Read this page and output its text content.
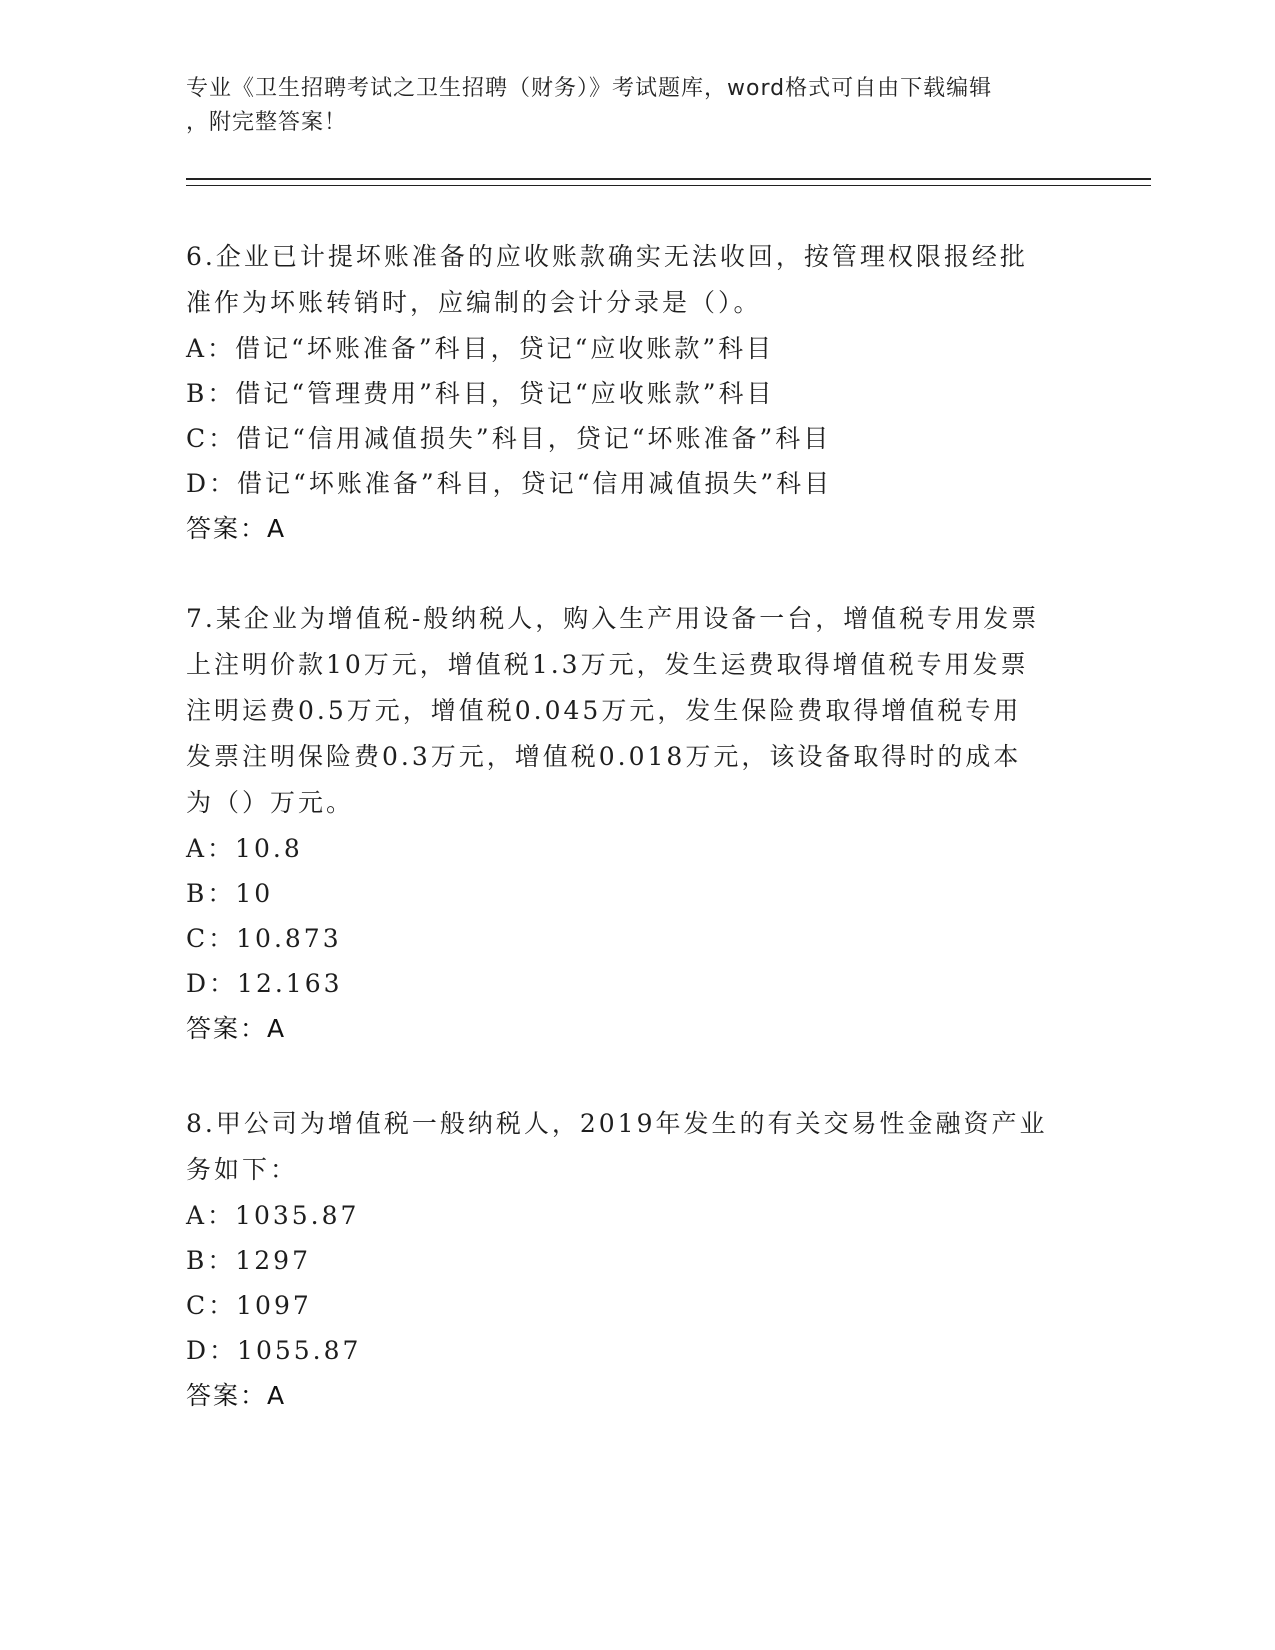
专业《卫生招聘考试之卫生招聘（财务）》考试题库，word格式可自由下载编辑
，附完整答案！

6.企业已计提坏账准备的应收账款确实无法收回，按管理权限报经批

准作为坏账转销时，应编制的会计分录是（）。

A：借记“坏账准备”科目，贷记“应收账款”科目

B：借记“管理费用”科目，贷记“应收账款”科目

C：借记“信用减值损失”科目，贷记“坏账准备”科目

D：借记“坏账准备”科目，贷记“信用减值损失”科目

答案：A

7.某企业为增值税-般纳税人，购入生产用设备一台，增值税专用发票

上注明价款10万元，增值税1.3万元，发生运费取得增值税专用发票

注明运费0.5万元，增值税0.045万元，发生保险费取得增值税专用

发票注明保险费0.3万元，增值税0.018万元，该设备取得时的成本

为（）万元。

A：10.8

B：10

C：10.873

D：12.163

答案：A

8.甲公司为增值税一般纳税人，2019年发生的有关交易性金融资产业

务如下：

A：1035.87

B：1297

C：1097

D：1055.87

答案：A
